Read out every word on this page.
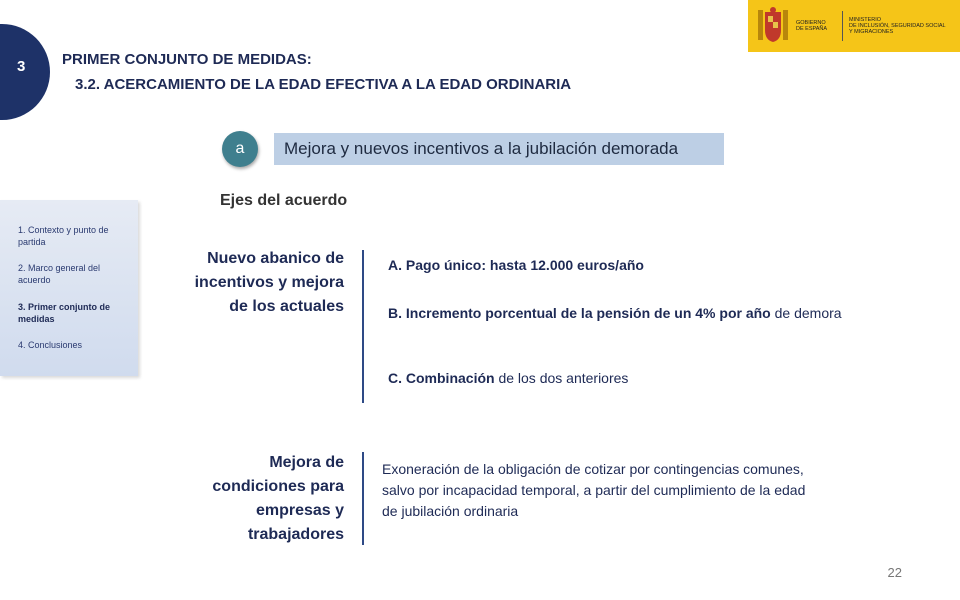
3 PRIMER CONJUNTO DE MEDIDAS:
3.2. ACERCAMIENTO DE LA EDAD EFECTIVA A LA EDAD ORDINARIA
GOBIERNO
DE ESPAÑA
MINISTERIO
DE INCLUSIÓN, SEGURIDAD SOCIAL
Y MIGRACIONES
a	Mejora y nuevos incentivos a la jubilación demorada
Ejes del acuerdo
1. Contexto y punto de partida
2. Marco general del acuerdo
3. Primer conjunto de medidas
4. Conclusiones
Nuevo abanico de incentivos y mejora de los actuales
A. Pago único: hasta 12.000 euros/año
B. Incremento porcentual de la pensión de un 4% por año de demora
C. Combinación de los dos anteriores
Mejora de condiciones para empresas y trabajadores
Exoneración de la obligación de cotizar por contingencias comunes, salvo por incapacidad temporal, a partir del cumplimiento de la edad de jubilación ordinaria
22
